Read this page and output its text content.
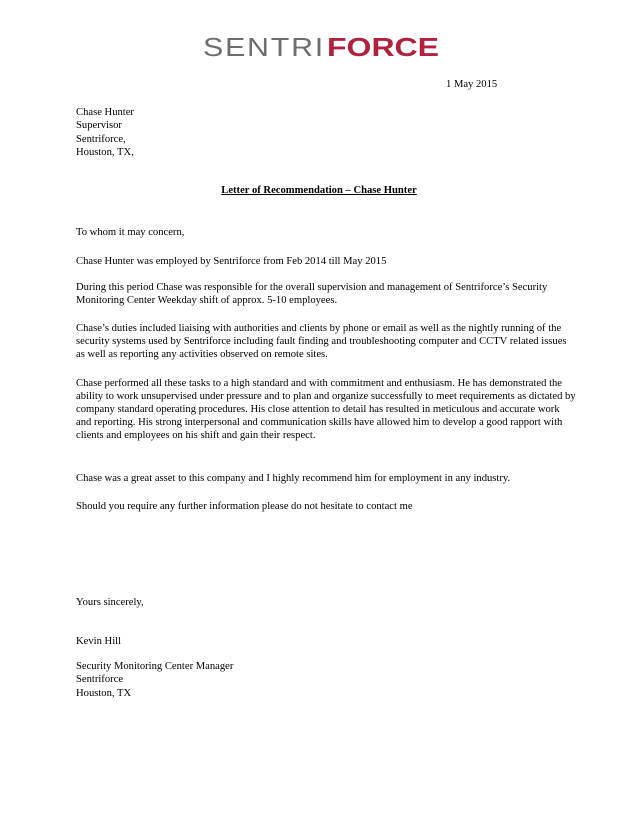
SENTRI FORCE
1 May 2015
Chase Hunter
Supervisor
Sentriforce,
Houston, TX,
Letter of Recommendation – Chase Hunter

To whom it may concern,

Chase Hunter was employed by Sentriforce from Feb 2014 till May 2015

During this period Chase was responsible for the overall supervision and management of Sentriforce’s Security Monitoring Center Weekday shift of approx. 5-10 employees.

Chase’s duties included liaising with authorities and clients by phone or email as well as the nightly running of the security systems used by Sentriforce including fault finding and troubleshooting computer and CCTV related issues as well as reporting any activities observed on remote sites.

Chase performed all these tasks to a high standard and with commitment and enthusiasm. He has demonstrated the ability to work unsupervised under pressure and to plan and organize successfully to meet requirements as dictated by company standard operating procedures. His close attention to detail has resulted in meticulous and accurate work and reporting. His strong interpersonal and communication skills have allowed him to develop a good rapport with clients and employees on his shift and gain their respect.

Chase was a great asset to this company and I highly recommend him for employment in any industry.

Should you require any further information please do not hesitate to contact me

Yours sincerely,

Kevin Hill
Security Monitoring Center Manager
Sentriforce
Houston, TX
